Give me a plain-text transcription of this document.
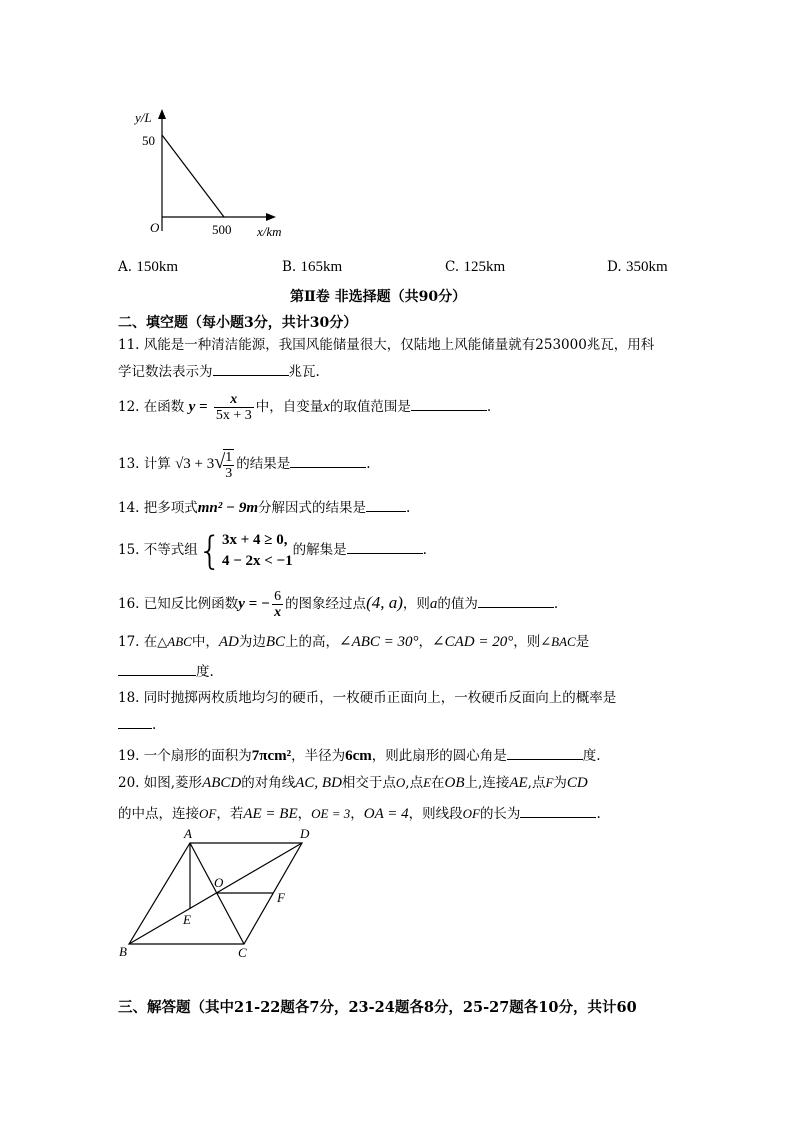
y/L
50
O	500 x/km
A. 150km	B. 165km	C. 125km	D. 350km
第Ⅱ卷 非选择题（共90分）
二、填空题（每小题3分，共计30分）
11. 风能是一种清洁能源，我国风能储量很大，仅陆地上风能储量就有253000兆瓦，用科
学记数法表示为	兆瓦.
12. 在函数 $y = \frac{x}{5x + 3}$ 中，自变量x的取值范围是	.
13. 计算 √3 + 3√
$\frac{1}{3}$ 的结果是	.
14. 把多项式mn² − 9m分解因式的结果是	.
15. 不等式组{ 3x + 4 ≥ 0,
4 − 2x < −1
的解集是	.
16. 已知反比例函数y = − $\frac{6}{x}$ 的图象经过点(4, a)，则a的值为	.
17. 在△ABC中，AD为边BC上的高，∠ABC = 30°，∠CAD = 20°，则∠BAC是
度.
18. 同时抛掷两枚质地均匀的硬币，一枚硬币正面向上，一枚硬币反面向上的概率是
.
19. 一个扇形的面积为7πcm²，半径为6cm，则此扇形的圆心角是	度.
20. 如图,菱形ABCD的对角线AC, BD相交于点O,点E在OB上,连接AE,点F为CD
的中点，连接OF，若AE = BE，OE = 3，OA = 4，则线段OF的长为	.
A	D
O
F
E
B	C
三、解答题（其中21-22题各7分，23-24题各8分，25-27题各10分，共计60
